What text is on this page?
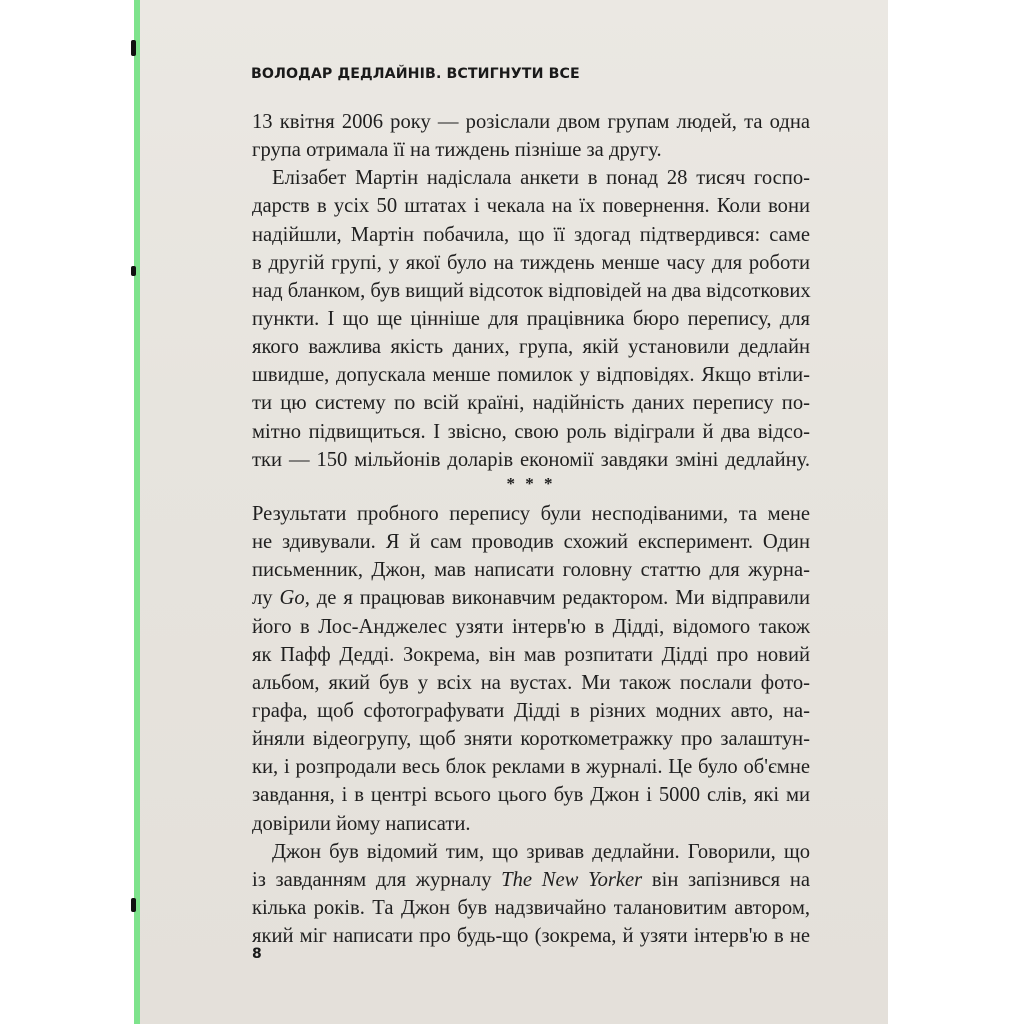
ВОЛОДАР ДЕДЛАЙНІВ. ВСТИГНУТИ ВСЕ
13 квітня 2006 року — розіслали двом групам людей, та одна
група отримала її на тиждень пізніше за другу.
Елізабет Мартін надіслала анкети в понад 28 тисяч госпо-
дарств в усіх 50 штатах і чекала на їх повернення. Коли вони
надійшли, Мартін побачила, що її здогад підтвердився: саме
в другій групі, у якої було на тиждень менше часу для роботи
над бланком, був вищий відсоток відповідей на два відсоткових
пункти. І що ще цінніше для працівника бюро перепису, для
якого важлива якість даних, група, якій установили дедлайн
швидше, допускала менше помилок у відповідях. Якщо втіли-
ти цю систему по всій країні, надійність даних перепису по-
мітно підвищиться. І звісно, свою роль відіграли й два відсо-
тки — 150 мільйонів доларів економії завдяки зміні дедлайну.
* * *
Результати пробного перепису були несподіваними, та мене
не здивували. Я й сам проводив схожий експеримент. Один
письменник, Джон, мав написати головну статтю для журна-
лу Go, де я працював виконавчим редактором. Ми відправили
його в Лос-Анджелес узяти інтерв'ю в Дідді, відомого також
як Пафф Дедді. Зокрема, він мав розпитати Дідді про новий
альбом, який був у всіх на вустах. Ми також послали фото-
графа, щоб сфотографувати Дідді в різних модних авто, на-
йняли відеогрупу, щоб зняти короткометражку про залаштун-
ки, і розпродали весь блок реклами в журналі. Це було об'ємне
завдання, і в центрі всього цього був Джон і 5000 слів, які ми
довірили йому написати.
Джон був відомий тим, що зривав дедлайни. Говорили, що
із завданням для журналу The New Yorker він запізнився на
кілька років. Та Джон був надзвичайно талановитим автором,
який міг написати про будь-що (зокрема, й узяти інтерв'ю в не
8
